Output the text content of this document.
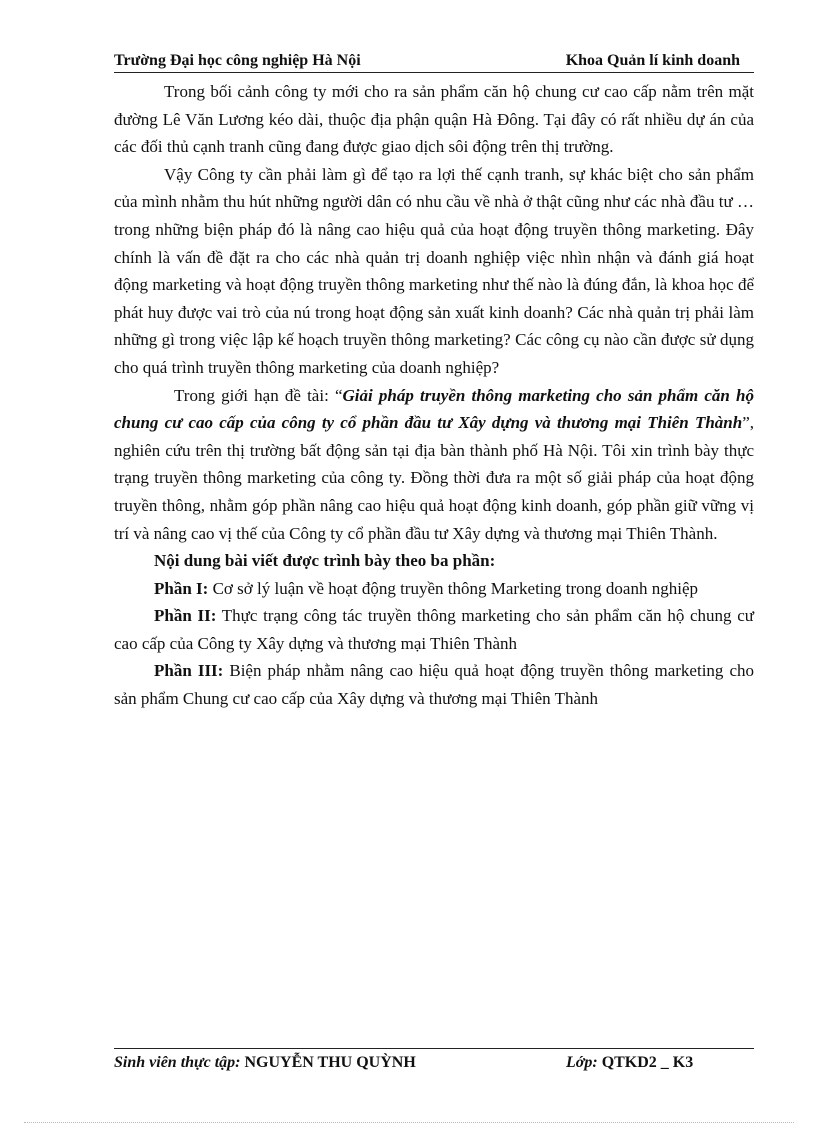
Trường Đại học công nghiệp Hà Nội	Khoa Quản lí kinh doanh

Trong bối cảnh công ty mới cho ra sản phẩm căn hộ chung cư cao cấp nằm trên mặt đường Lê Văn Lương kéo dài, thuộc địa phận quận Hà Đông. Tại đây có rất nhiều dự án của các đối thủ cạnh tranh cũng đang được giao dịch sôi động trên thị trường.

Vậy Công ty cần phải làm gì để tạo ra lợi thế cạnh tranh, sự khác biệt cho sản phẩm của mình nhằm thu hút những người dân có nhu cầu về nhà ở thật cũng như các nhà đầu tư … trong những biện pháp đó là nâng cao hiệu quả của hoạt động truyền thông marketing. Đây chính là vấn đề đặt ra cho các nhà quản trị doanh nghiệp việc nhìn nhận và đánh giá hoạt động marketing và hoạt động truyền thông marketing như thế nào là đúng đắn, là khoa học để phát huy được vai trò của nú trong hoạt động sản xuất kinh doanh? Các nhà quản trị phải làm những gì trong việc lập kế hoạch truyền thông marketing? Các công cụ nào cần được sử dụng cho quá trình truyền thông marketing của doanh nghiệp?

Trong giới hạn đề tài: “Giải pháp truyền thông marketing cho sản phẩm căn hộ chung cư cao cấp của công ty cổ phần đầu tư Xây dựng và thương mại Thiên Thành”, nghiên cứu trên thị trường bất động sản tại địa bàn thành phố Hà Nội. Tôi xin trình bày thực trạng truyền thông marketing của công ty. Đồng thời đưa ra một số giải pháp của hoạt động truyền thông, nhằm góp phần nâng cao hiệu quả hoạt động kinh doanh, góp phần giữ vững vị trí và nâng cao vị thế của Công ty cổ phần đầu tư Xây dựng và thương mại Thiên Thành.

Nội dung bài viết được trình bày theo ba phần:

Phần I: Cơ sở lý luận về hoạt động truyền thông Marketing trong doanh nghiệp

Phần II: Thực trạng công tác truyền thông marketing cho sản phẩm căn hộ chung cư cao cấp của Công ty Xây dựng và thương mại Thiên Thành

Phần III: Biện pháp nhằm nâng cao hiệu quả hoạt động truyền thông marketing cho sản phẩm Chung cư cao cấp của Xây dựng và thương mại Thiên Thành

Sinh viên thực tập: NGUYỄN THU QUỲNH	Lớp: QTKD2 _ K3
